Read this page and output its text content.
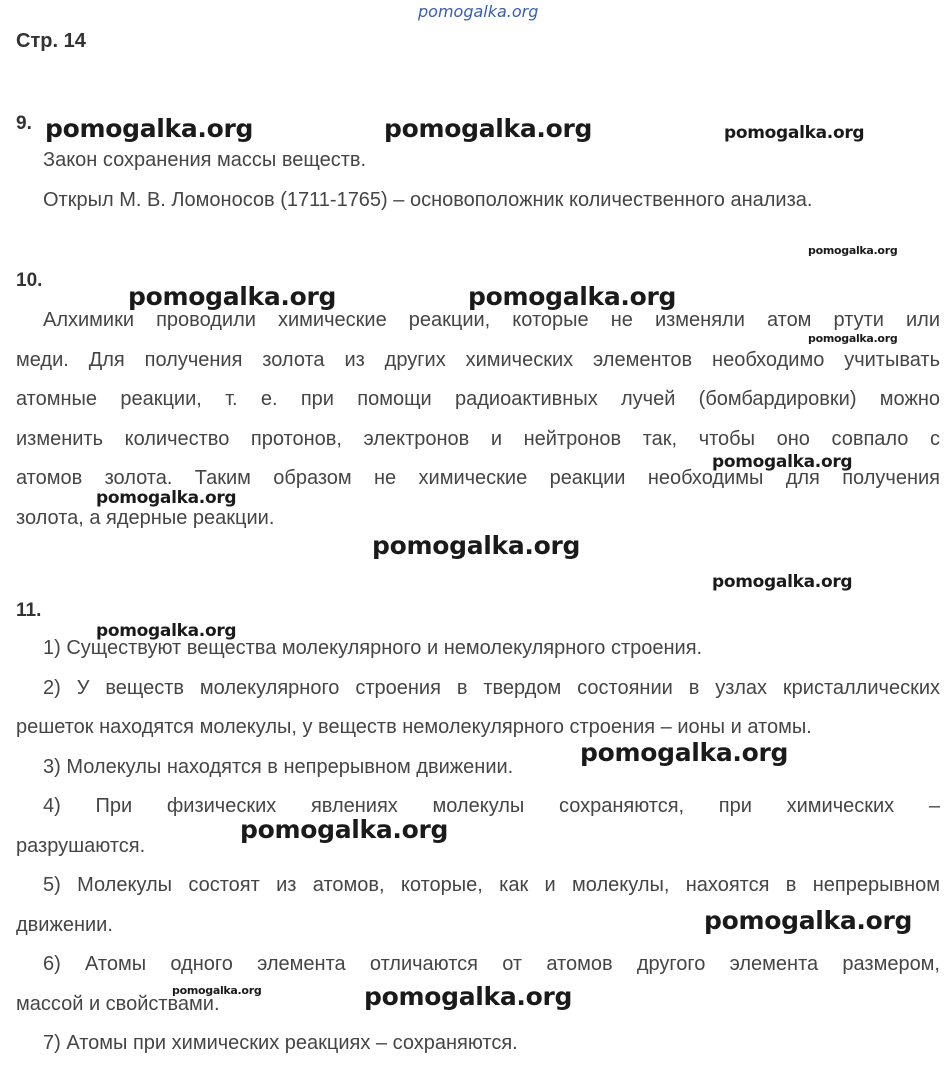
pomogalka.org
Стр. 14
9.
Закон сохранения массы веществ.
Открыл М. В. Ломоносов (1711-1765) – основоположник количественного анализа.
10.
Алхимики проводили химические реакции, которые не изменяли атом ртути или
меди. Для получения золота из других химических элементов необходимо учитывать
атомные реакции, т. е. при помощи радиоактивных лучей (бомбардировки) можно
изменить количество протонов, электронов и нейтронов так, чтобы оно совпало с
атомов золота. Таким образом не химические реакции необходимы для получения
золота, а ядерные реакции.
11.
1) Существуют вещества молекулярного и немолекулярного строения.
2) У веществ молекулярного строения в твердом состоянии в узлах кристаллических
решеток находятся молекулы, у веществ немолекулярного строения – ионы и атомы.
3) Молекулы находятся в непрерывном движении.
4) При физических явлениях молекулы сохраняются, при химических –
разрушаются.
5) Молекулы состоят из атомов, которые, как и молекулы, нахоятся в непрерывном
движении.
6) Атомы одного элемента отличаются от атомов другого элемента размером,
массой и свойствами.
7) Атомы при химических реакциях – сохраняются.
pomogalka.org	pomogalka.org	pomogalka.org
pomogalka.org
pomogalka.org	pomogalka.org
pomogalka.org
pomogalka.org
pomogalka.org
pomogalka.org
pomogalka.org
pomogalka.org
pomogalka.org
pomogalka.org
pomogalka.org
pomogalka.org	pomogalka.org
